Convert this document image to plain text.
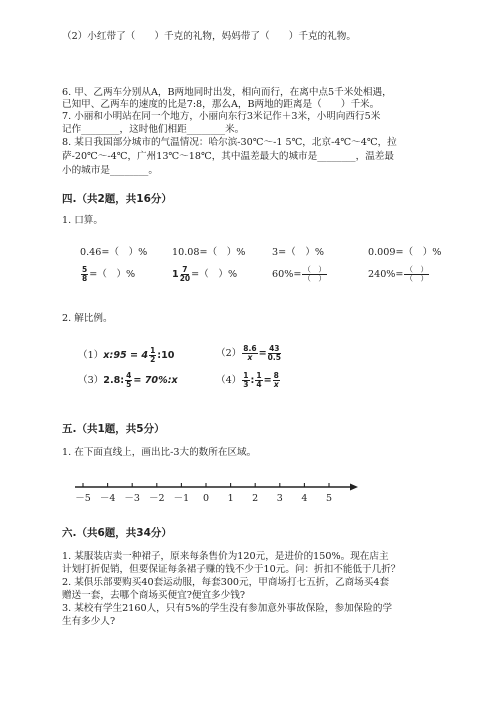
（2）小红带了（　　）千克的礼物，妈妈带了（　　）千克的礼物。
6. 甲、乙两车分别从A，B两地同时出发，相向而行，在离中点5千米处相遇，
已知甲、乙两车的速度的比是7:8，那么A，B两地的距离是（　　）千米。
7. 小丽和小明站在同一个地方，小丽向东行3米记作＋3米，小明向西行5米
记作________，这时他们相距________米。
8. 某日我国部分城市的气温情况：哈尔滨-30℃～-1 5℃，北京-4℃～4℃，拉
萨-20℃～-4℃，广州13℃～18℃，其中温差最大的城市是________，温差最
小的城市是________。
四.（共2题，共16分）
1. 口算。
0.46=（　）%	10.08=（　）%	3=（　）%	0.009=（　）%
$\frac{5}{8}$ =（　）%	$1 \frac{7}{20}$ =（　）%	$60\%= \frac{( )}{( )}$	$240\%= \frac{( )}{( )}$
2. 解比例。
（1）x:95 = $4 \frac{1}{2}$ :10	$(2) \frac{8.6}{x} = \frac{43}{0.5}$
（3）2.8: $\frac{4}{5}$ = 70%:x	$(4) \frac{1}{3}$ : $\frac{1}{4} = \frac{8}{x}$
五.（共1题，共5分）
1. 在下面直线上，画出比-3大的数所在区域。
－5 －4 －3 －2 －1 0 1 2 3 4 5
六.（共6题，共34分）
1. 某服装店卖一种裙子，原来每条售价为120元，是进价的150%。现在店主
计划打折促销，但要保证每条裙子赚的钱不少于10元。问：折扣不能低于几折？
2. 某俱乐部要购买40套运动服，每套300元，甲商场打七五折，乙商场买4套
赠送一套，去哪个商场买便宜?便宜多少钱?
3. 某校有学生2160人，只有5%的学生没有参加意外事故保险，参加保险的学
生有多少人?
